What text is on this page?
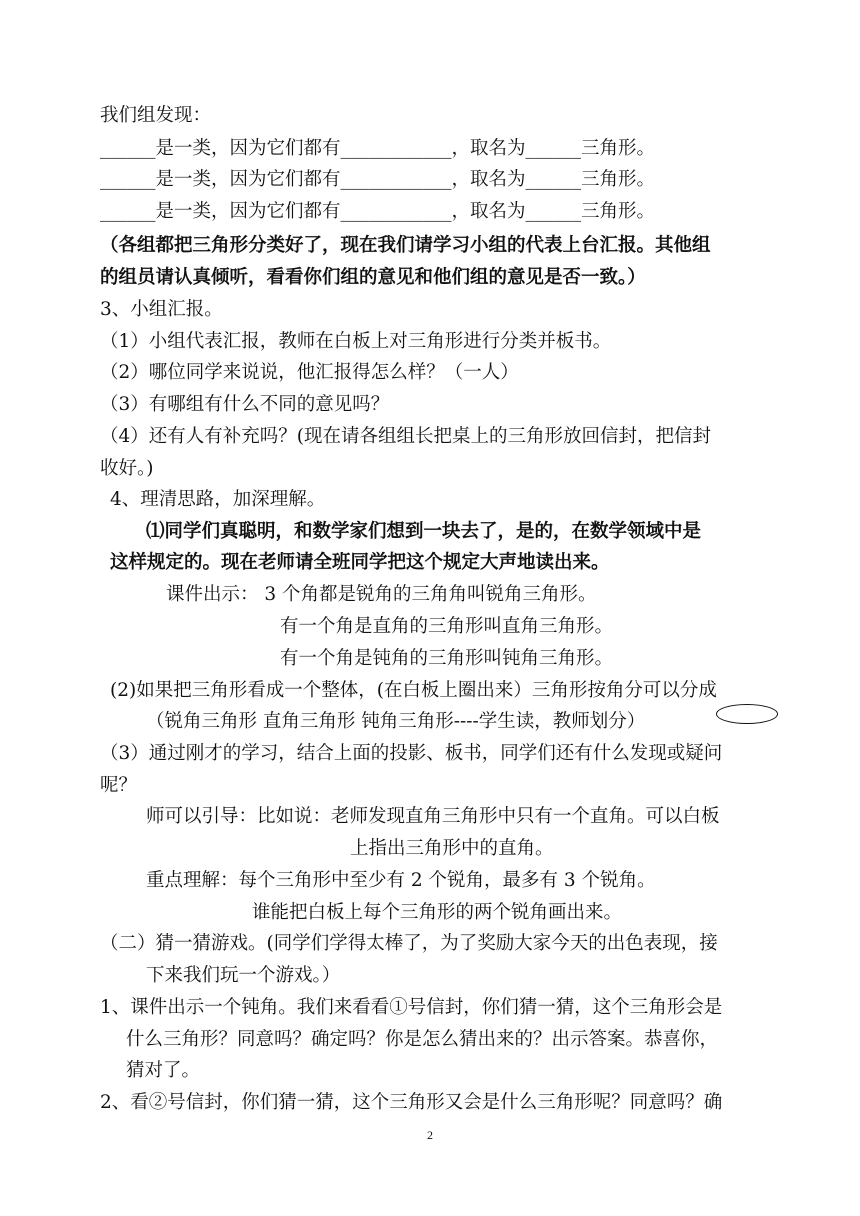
我们组发现：
______是一类，因为它们都有____________，取名为______三角形。
______是一类，因为它们都有____________，取名为______三角形。
______是一类，因为它们都有____________，取名为______三角形。
（各组都把三角形分类好了，现在我们请学习小组的代表上台汇报。其他组
的组员请认真倾听，看看你们组的意见和他们组的意见是否一致。）
3、小组汇报。
（1）小组代表汇报，教师在白板上对三角形进行分类并板书。
（2）哪位同学来说说，他汇报得怎么样？（一人）
（3）有哪组有什么不同的意见吗？
（4）还有人有补充吗？(现在请各组组长把桌上的三角形放回信封，把信封
收好。)
4、理清思路，加深理解。
⑴同学们真聪明，和数学家们想到一块去了，是的，在数学领域中是
这样规定的。现在老师请全班同学把这个规定大声地读出来。
课件出示： 3 个角都是锐角的三角角叫锐角三角形。
有一个角是直角的三角形叫直角三角形。
有一个角是钝角的三角形叫钝角三角形。
(2)如果把三角形看成一个整体，(在白板上圈出来）三角形按角分可以分成
（锐角三角形 直角三角形 钝角三角形----学生读，教师划分）
（3）通过刚才的学习，结合上面的投影、板书，同学们还有什么发现或疑问
呢？
师可以引导：比如说：老师发现直角三角形中只有一个直角。可以白板
上指出三角形中的直角。
重点理解：每个三角形中至少有 2 个锐角，最多有 3 个锐角。
谁能把白板上每个三角形的两个锐角画出来。
（二）猜一猜游戏。(同学们学得太棒了，为了奖励大家今天的出色表现，接
下来我们玩一个游戏。）
1、课件出示一个钝角。我们来看看①号信封，你们猜一猜，这个三角形会是
什么三角形？同意吗？确定吗？你是怎么猜出来的？出示答案。恭喜你，
猜对了。
2、看②号信封，你们猜一猜，这个三角形又会是什么三角形呢？同意吗？确
2
